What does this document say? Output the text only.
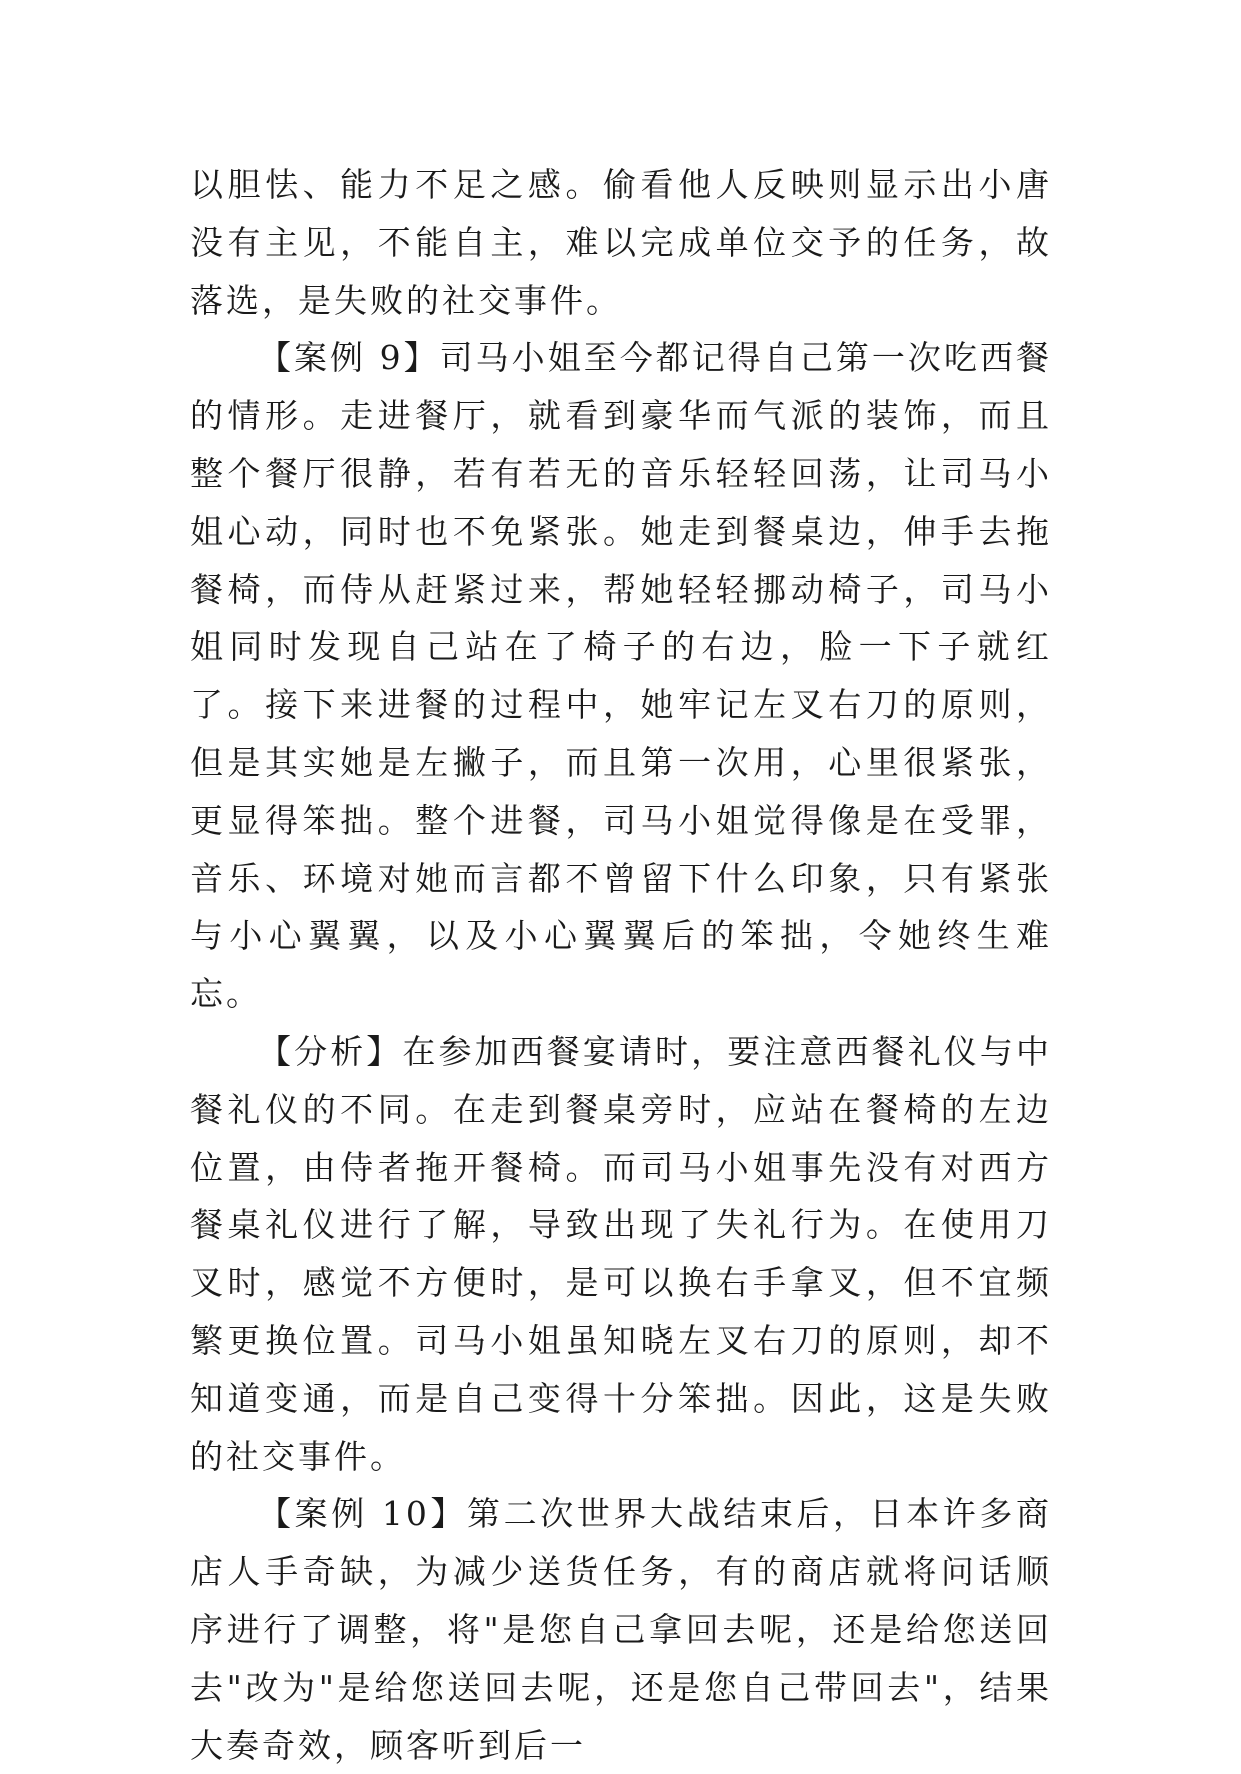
以胆怯、能力不足之感。偷看他人反映则显示出小唐没有主见，不能自主，难以完成单位交予的任务，故落选，是失败的社交事件。

【案例 9】司马小姐至今都记得自己第一次吃西餐的情形。走进餐厅，就看到豪华而气派的装饰，而且整个餐厅很静，若有若无的音乐轻轻回荡，让司马小姐心动，同时也不免紧张。她走到餐桌边，伸手去拖餐椅，而侍从赶紧过来，帮她轻轻挪动椅子，司马小姐同时发现自己站在了椅子的右边，脸一下子就红了。接下来进餐的过程中，她牢记左叉右刀的原则，但是其实她是左撇子，而且第一次用，心里很紧张，更显得笨拙。整个进餐，司马小姐觉得像是在受罪，音乐、环境对她而言都不曾留下什么印象，只有紧张与小心翼翼，以及小心翼翼后的笨拙，令她终生难忘。

【分析】在参加西餐宴请时，要注意西餐礼仪与中餐礼仪的不同。在走到餐桌旁时，应站在餐椅的左边位置，由侍者拖开餐椅。而司马小姐事先没有对西方餐桌礼仪进行了解，导致出现了失礼行为。在使用刀叉时，感觉不方便时，是可以换右手拿叉，但不宜频繁更换位置。司马小姐虽知晓左叉右刀的原则，却不知道变通，而是自己变得十分笨拙。因此，这是失败的社交事件。

【案例 10】第二次世界大战结束后，日本许多商店人手奇缺，为减少送货任务，有的商店就将问话顺序进行了调整，将"是您自己拿回去呢，还是给您送回去"改为"是给您送回去呢，还是您自己带回去"，结果大奏奇效，顾客听到后一
